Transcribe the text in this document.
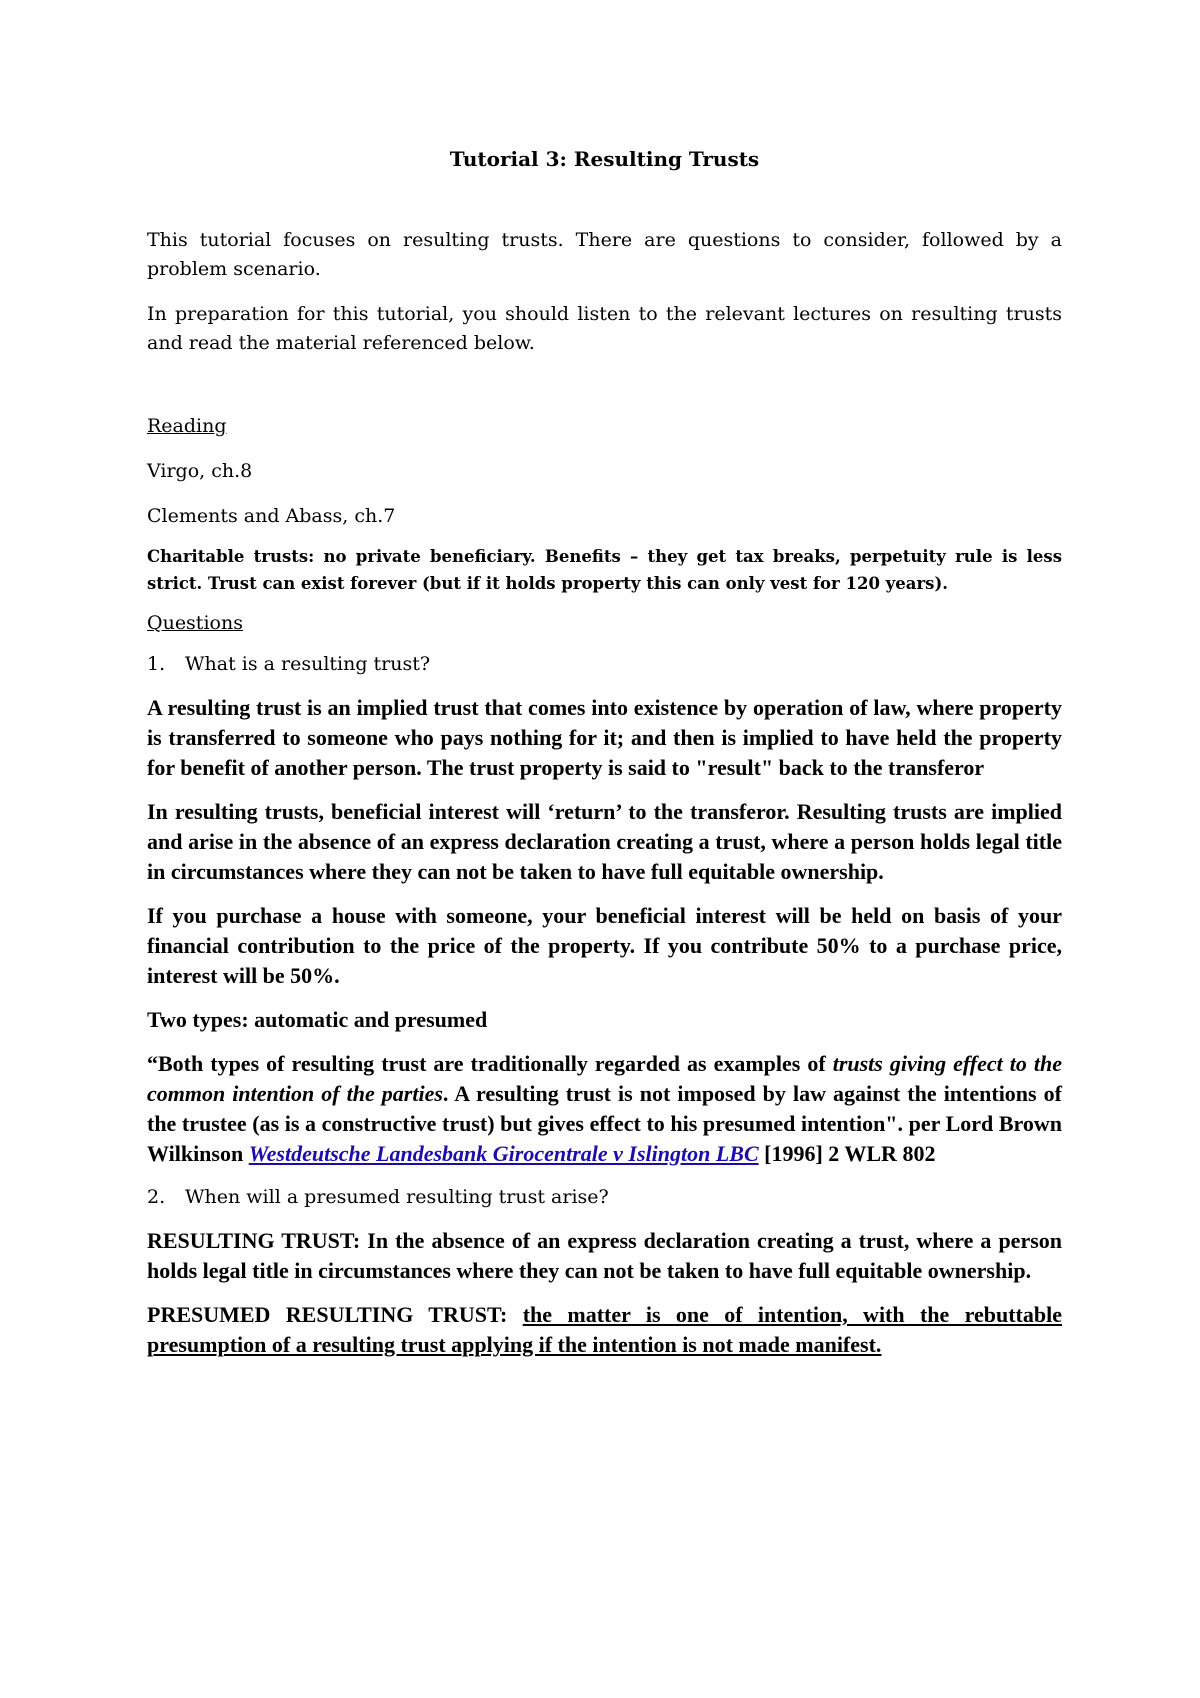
Tutorial 3: Resulting Trusts

This tutorial focuses on resulting trusts. There are questions to consider, followed by a problem scenario.

In preparation for this tutorial, you should listen to the relevant lectures on resulting trusts and read the material referenced below.

Reading

Virgo, ch.8

Clements and Abass, ch.7

Charitable trusts: no private beneficiary. Benefits – they get tax breaks, perpetuity rule is less strict. Trust can exist forever (but if it holds property this can only vest for 120 years).

Questions

1. What is a resulting trust?

A resulting trust is an implied trust that comes into existence by operation of law, where property is transferred to someone who pays nothing for it; and then is implied to have held the property for benefit of another person. The trust property is said to "result" back to the transferor

In resulting trusts, beneficial interest will ‘return’ to the transferor. Resulting trusts are implied and arise in the absence of an express declaration creating a trust, where a person holds legal title in circumstances where they can not be taken to have full equitable ownership.

If you purchase a house with someone, your beneficial interest will be held on basis of your financial contribution to the price of the property. If you contribute 50% to a purchase price, interest will be 50%.

Two types: automatic and presumed

“Both types of resulting trust are traditionally regarded as examples of trusts giving effect to the common intention of the parties. A resulting trust is not imposed by law against the intentions of the trustee (as is a constructive trust) but gives effect to his presumed intention". per Lord Brown Wilkinson Westdeutsche Landesbank Girocentrale v Islington LBC [1996] 2 WLR 802

2. When will a presumed resulting trust arise?

RESULTING TRUST: In the absence of an express declaration creating a trust, where a person holds legal title in circumstances where they can not be taken to have full equitable ownership.

PRESUMED RESULTING TRUST: the matter is one of intention, with the rebuttable presumption of a resulting trust applying if the intention is not made manifest.
